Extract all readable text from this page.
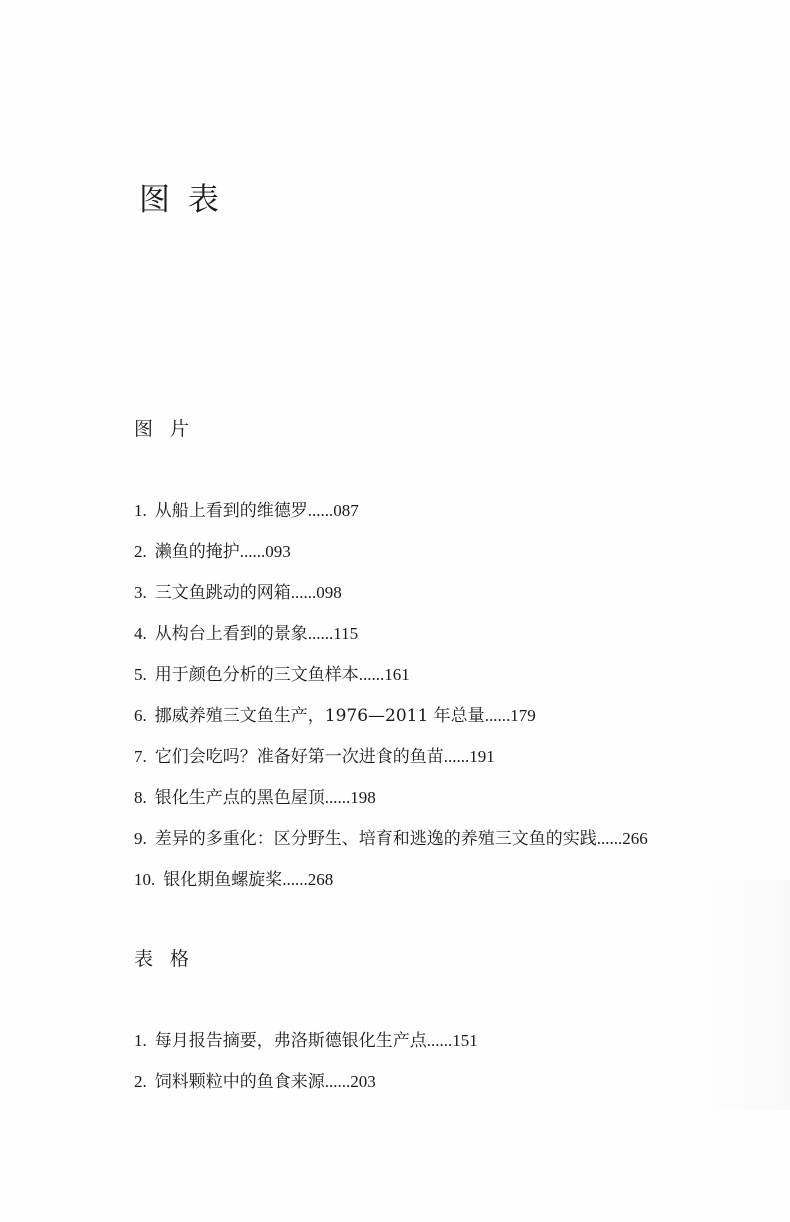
图 表
图片
1. 从船上看到的维德罗......087
2. 濑鱼的掩护......093
3. 三文鱼跳动的网箱......098
4. 从构台上看到的景象......115
5. 用于颜色分析的三文鱼样本......161
6. 挪威养殖三文鱼生产，1976—2011 年总量......179
7. 它们会吃吗？准备好第一次进食的鱼苗......191
8. 银化生产点的黑色屋顶......198
9. 差异的多重化：区分野生、培育和逃逸的养殖三文鱼的实践......266
10. 银化期鱼螺旋桨......268
表格
1. 每月报告摘要，弗洛斯德银化生产点......151
2. 饲料颗粒中的鱼食来源......203
